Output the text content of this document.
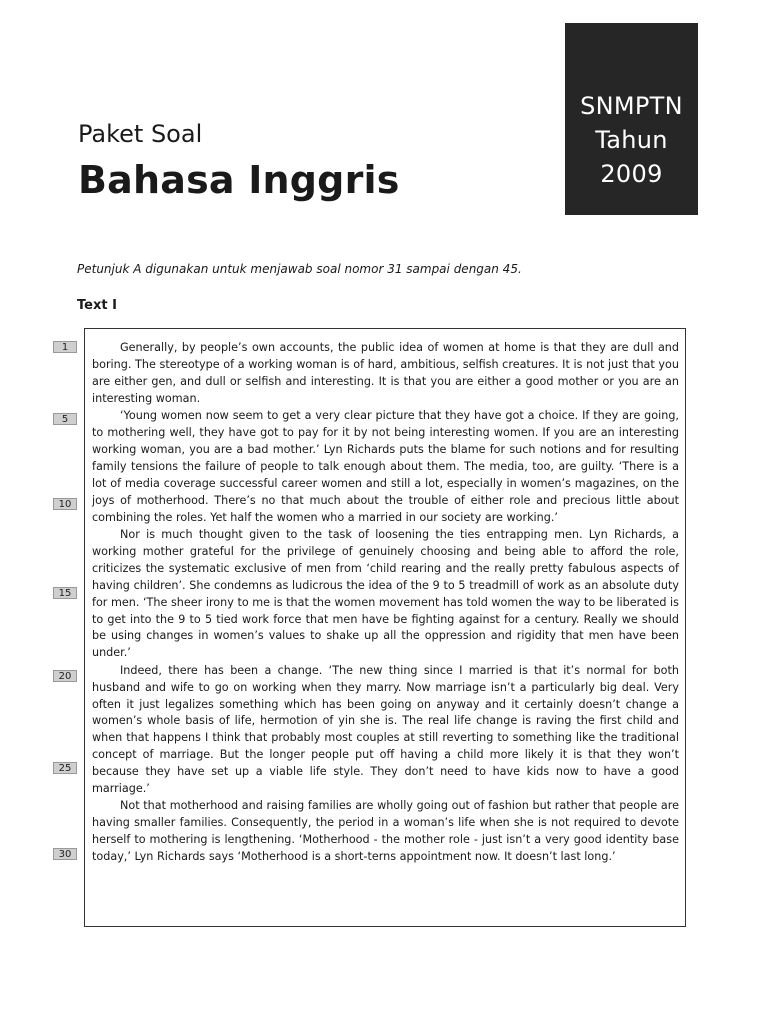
SNMPTN
Tahun
2009
Paket Soal
Bahasa Inggris
Petunjuk A digunakan untuk menjawab soal nomor 31 sampai dengan 45.
Text I
1
5
10
15
20
25
30

Generally, by people’s own accounts, the public idea of women at home is that they are dull and boring. The stereotype of a working woman is of hard, ambitious, selfish creatures. It is not just that you are either gen, and dull or selfish and interesting. It is that you are either a good mother or you are an interesting woman.

‘Young women now seem to get a very clear picture that they have got a choice. If they are going, to mothering well, they have got to pay for it by not being interesting women. If you are an interesting working woman, you are a bad mother.’ Lyn Richards puts the blame for such notions and for resulting family tensions the failure of people to talk enough about them. The media, too, are guilty. ‘There is a lot of media coverage successful career women and still a lot, especially in women’s magazines, on the joys of motherhood. There’s no that much about the trouble of either role and precious little about combining the roles. Yet half the women who a married in our society are working.’

Nor is much thought given to the task of loosening the ties entrapping men. Lyn Richards, a working mother grateful for the privilege of genuinely choosing and being able to afford the role, criticizes the systematic exclusive of men from ‘child rearing and the really pretty fabulous aspects of having children’. She condemns as ludicrous the idea of the 9 to 5 treadmill of work as an absolute duty for men. ‘The sheer irony to me is that the women movement has told women the way to be liberated is to get into the 9 to 5 tied work force that men have be fighting against for a century. Really we should be using changes in women’s values to shake up all the oppression and rigidity that men have been under.’

Indeed, there has been a change. ‘The new thing since I married is that it’s normal for both husband and wife to go on working when they marry. Now marriage isn’t a particularly big deal. Very often it just legalizes something which has been going on anyway and it certainly doesn’t change a women’s whole basis of life, hermotion of yin she is. The real life change is raving the first child and when that happens I think that probably most couples at still reverting to something like the traditional concept of marriage. But the longer people put off having a child more likely it is that they won’t because they have set up a viable life style. They don’t need to have kids now to have a good marriage.’

Not that motherhood and raising families are wholly going out of fashion but rather that people are having smaller families. Consequently, the period in a woman’s life when she is not required to devote herself to mothering is lengthening. ‘Motherhood - the mother role - just isn’t a very good identity base today,’ Lyn Richards says ‘Motherhood is a short-terns appointment now. It doesn’t last long.’
